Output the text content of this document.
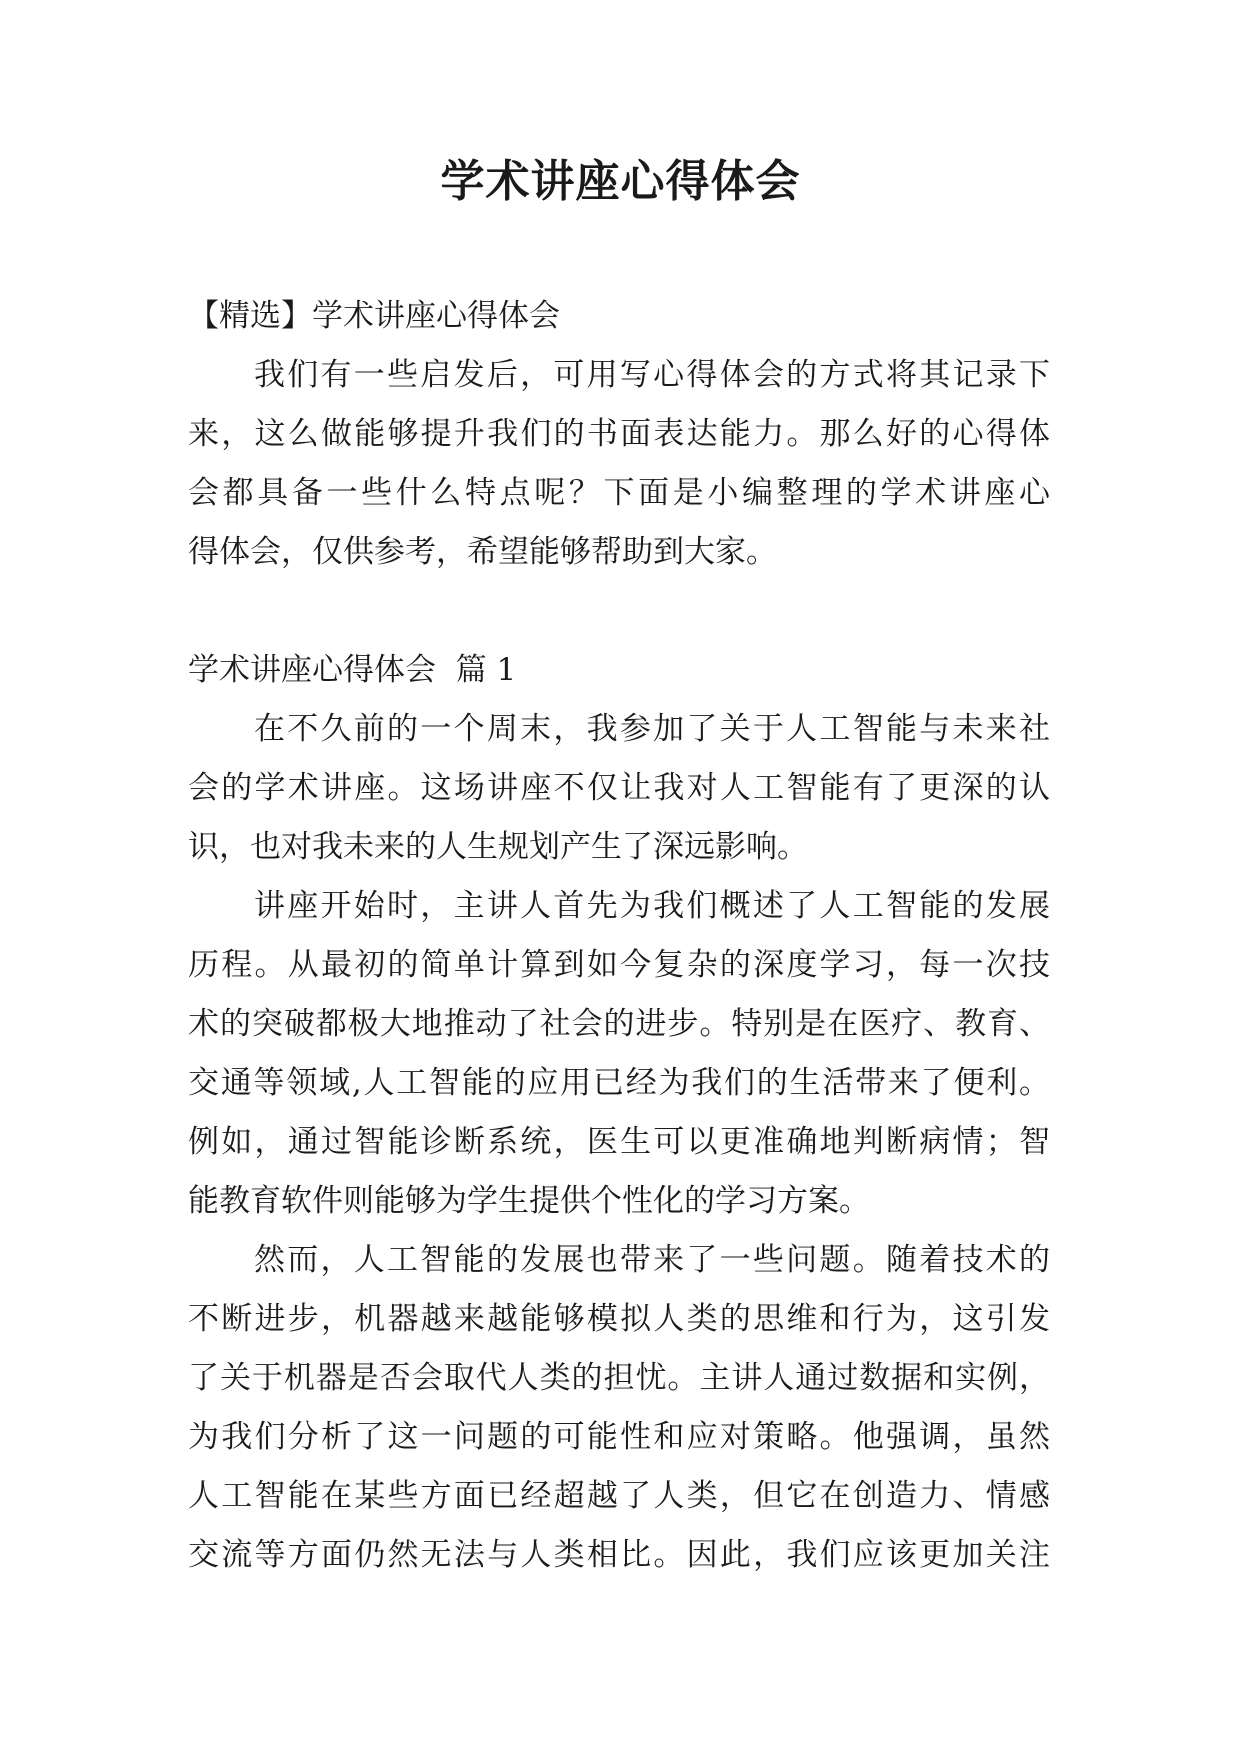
学术讲座心得体会
【精选】学术讲座心得体会
我们有一些启发后，可用写心得体会的方式将其记录下
来，这么做能够提升我们的书面表达能力。那么好的心得体
会都具备一些什么特点呢？下面是小编整理的学术讲座心
得体会，仅供参考，希望能够帮助到大家。
学术讲座心得体会  篇 1
在不久前的一个周末，我参加了关于人工智能与未来社
会的学术讲座。这场讲座不仅让我对人工智能有了更深的认
识，也对我未来的人生规划产生了深远影响。
讲座开始时，主讲人首先为我们概述了人工智能的发展
历程。从最初的简单计算到如今复杂的深度学习，每一次技
术的突破都极大地推动了社会的进步。特别是在医疗、教育、
交通等领域,人工智能的应用已经为我们的生活带来了便利。
例如，通过智能诊断系统，医生可以更准确地判断病情；智
能教育软件则能够为学生提供个性化的学习方案。
然而，人工智能的发展也带来了一些问题。随着技术的
不断进步，机器越来越能够模拟人类的思维和行为，这引发
了关于机器是否会取代人类的担忧。主讲人通过数据和实例，
为我们分析了这一问题的可能性和应对策略。他强调，虽然
人工智能在某些方面已经超越了人类，但它在创造力、情感
交流等方面仍然无法与人类相比。因此，我们应该更加关注
